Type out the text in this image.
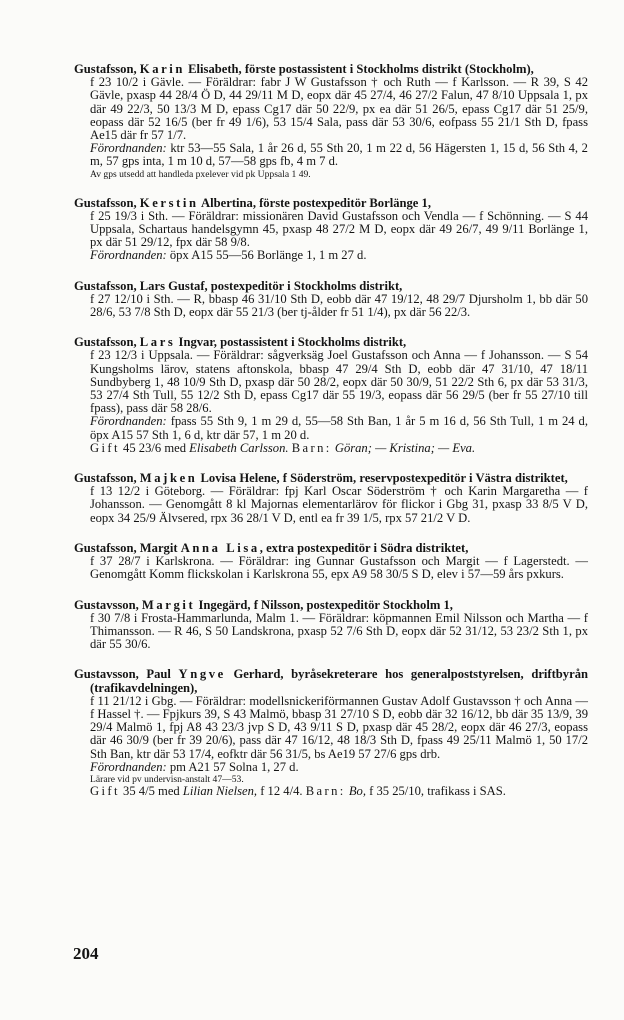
Gustafsson, Karin Elisabeth, förste postassistent i Stockholms distrikt (Stockholm),

f 23 10/2 i Gävle. — Föräldrar: fabr J W Gustafsson † och Ruth — f Karlsson. — R 39, S 42 Gävle, pxasp 44 28/4 Ö D, 44 29/11 M D, eopx där 45 27/4, 46 27/2 Falun, 47 8/10 Uppsala 1, px där 49 22/3, 50 13/3 M D, epass Cg17 där 50 22/9, px ea där 51 26/5, epass Cg17 där 51 25/9, eopass där 52 16/5 (ber fr 49 1/6), 53 15/4 Sala, pass där 53 30/6, eofpass 55 21/1 Sth D, fpass Ae15 där fr 57 1/7.

Förordnanden: ktr 53—55 Sala, 1 år 26 d, 55 Sth 20, 1 m 22 d, 56 Hägersten 1, 15 d, 56 Sth 4, 2 m, 57 gps inta, 1 m 10 d, 57—58 gps fb, 4 m 7 d.

Av gps utsedd att handleda pxelever vid pk Uppsala 1 49.

Gustafsson, Kerstin Albertina, förste postexpeditör Borlänge 1,

f 25 19/3 i Sth. — Föräldrar: missionären David Gustafsson och Vendla — f Schönning. — S 44 Uppsala, Schartaus handelsgymn 45, pxasp 48 27/2 M D, eopx där 49 26/7, 49 9/11 Borlänge 1, px där 51 29/12, fpx där 58 9/8.

Förordnanden: öpx A15 55—56 Borlänge 1, 1 m 27 d.

Gustafsson, Lars Gustaf, postexpeditör i Stockholms distrikt,

f 27 12/10 i Sth. — R, bbasp 46 31/10 Sth D, eobb där 47 19/12, 48 29/7 Djursholm 1, bb där 50 28/6, 53 7/8 Sth D, eopx där 55 21/3 (ber tj-ålder fr 51 1/4), px där 56 22/3.

Gustafsson, Lars Ingvar, postassistent i Stockholms distrikt,

f 23 12/3 i Uppsala. — Föräldrar: sågverksäg Joel Gustafsson och Anna — f Johansson. — S 54 Kungsholms lärov, statens aftonskola, bbasp 47 29/4 Sth D, eobb där 47 31/10, 47 18/11 Sundbyberg 1, 48 10/9 Sth D, pxasp där 50 28/2, eopx där 50 30/9, 51 22/2 Sth 6, px där 53 31/3, 53 27/4 Sth Tull, 55 12/2 Sth D, epass Cg17 där 55 19/3, eopass där 56 29/5 (ber fr 55 27/10 till fpass), pass där 58 28/6.

Förordnanden: fpass 55 Sth 9, 1 m 29 d, 55—58 Sth Ban, 1 år 5 m 16 d, 56 Sth Tull, 1 m 24 d, öpx A15 57 Sth 1, 6 d, ktr där 57, 1 m 20 d.

Gift 45 23/6 med Elisabeth Carlsson. Barn: Göran; — Kristina; — Eva.

Gustafsson, Majken Lovisa Helene, f Söderström, reservpostexpeditör i Västra distriktet,

f 13 12/2 i Göteborg. — Föräldrar: fpj Karl Oscar Söderström † och Karin Margaretha — f Johansson. — Genomgått 8 kl Majornas elementarlärov för flickor i Gbg 31, pxasp 33 8/5 V D, eopx 34 25/9 Älvsered, rpx 36 28/1 V D, entl ea fr 39 1/5, rpx 57 21/2 V D.

Gustafsson, Margit Anna Lisa, extra postexpeditör i Södra distriktet,

f 37 28/7 i Karlskrona. — Föräldrar: ing Gunnar Gustafsson och Margit — f Lagerstedt. — Genomgått Komm flickskolan i Karlskrona 55, epx A9 58 30/5 S D, elev i 57—59 års pxkurs.

Gustavsson, Margit Ingegärd, f Nilsson, postexpeditör Stockholm 1,

f 30 7/8 i Frosta-Hammarlunda, Malm 1. — Föräldrar: köpmannen Emil Nilsson och Martha — f Thimansson. — R 46, S 50 Landskrona, pxasp 52 7/6 Sth D, eopx där 52 31/12, 53 23/2 Sth 1, px där 55 30/6.

Gustavsson, Paul Yngve Gerhard, byråsekreterare hos generalpoststyrelsen, driftbyrån (trafikavdelningen),

f 11 21/12 i Gbg. — Föräldrar: modellsnickeriförmannen Gustav Adolf Gustavsson † och Anna — f Hassel †. — Fpjkurs 39, S 43 Malmö, bbasp 31 27/10 S D, eobb där 32 16/12, bb där 35 13/9, 39 29/4 Malmö 1, fpj A8 43 23/3 jvp S D, 43 9/11 S D, pxasp där 45 28/2, eopx där 46 27/3, eopass där 46 30/9 (ber fr 39 20/6), pass där 47 16/12, 48 18/3 Sth D, fpass 49 25/11 Malmö 1, 50 17/2 Sth Ban, ktr där 53 17/4, eofktr där 56 31/5, bs Ae19 57 27/6 gps drb.

Förordnanden: pm A21 57 Solna 1, 27 d.

Lärare vid pv undervisn-anstalt 47—53.

Gift 35 4/5 med Lilian Nielsen, f 12 4/4. Barn: Bo, f 35 25/10, trafikass i SAS.

204
